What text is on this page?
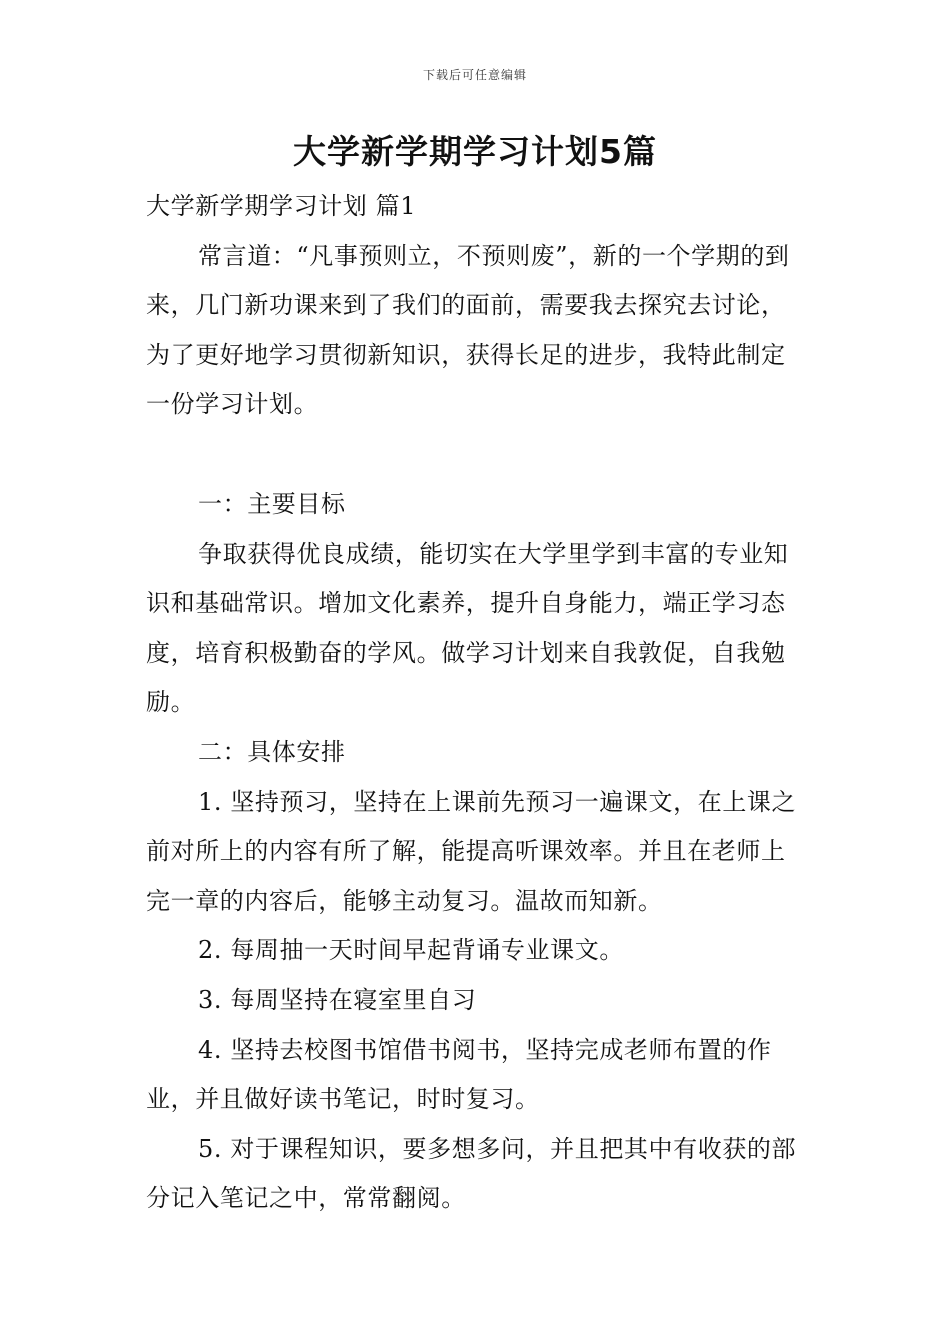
下载后可任意编辑
大学新学期学习计划5篇

大学新学期学习计划 篇1

常言道：“凡事预则立，不预则废”，新的一个学期的到来，几门新功课来到了我们的面前，需要我去探究去讨论，为了更好地学习贯彻新知识，获得长足的进步，我特此制定一份学习计划。

一：主要目标

争取获得优良成绩，能切实在大学里学到丰富的专业知识和基础常识。增加文化素养，提升自身能力，端正学习态度，培育积极勤奋的学风。做学习计划来自我敦促，自我勉励。

二：具体安排

1. 坚持预习，坚持在上课前先预习一遍课文，在上课之前对所上的内容有所了解，能提高听课效率。并且在老师上完一章的内容后，能够主动复习。温故而知新。

2. 每周抽一天时间早起背诵专业课文。

3. 每周坚持在寝室里自习

4. 坚持去校图书馆借书阅书，坚持完成老师布置的作业，并且做好读书笔记，时时复习。

5. 对于课程知识，要多想多问，并且把其中有收获的部分记入笔记之中，常常翻阅。
